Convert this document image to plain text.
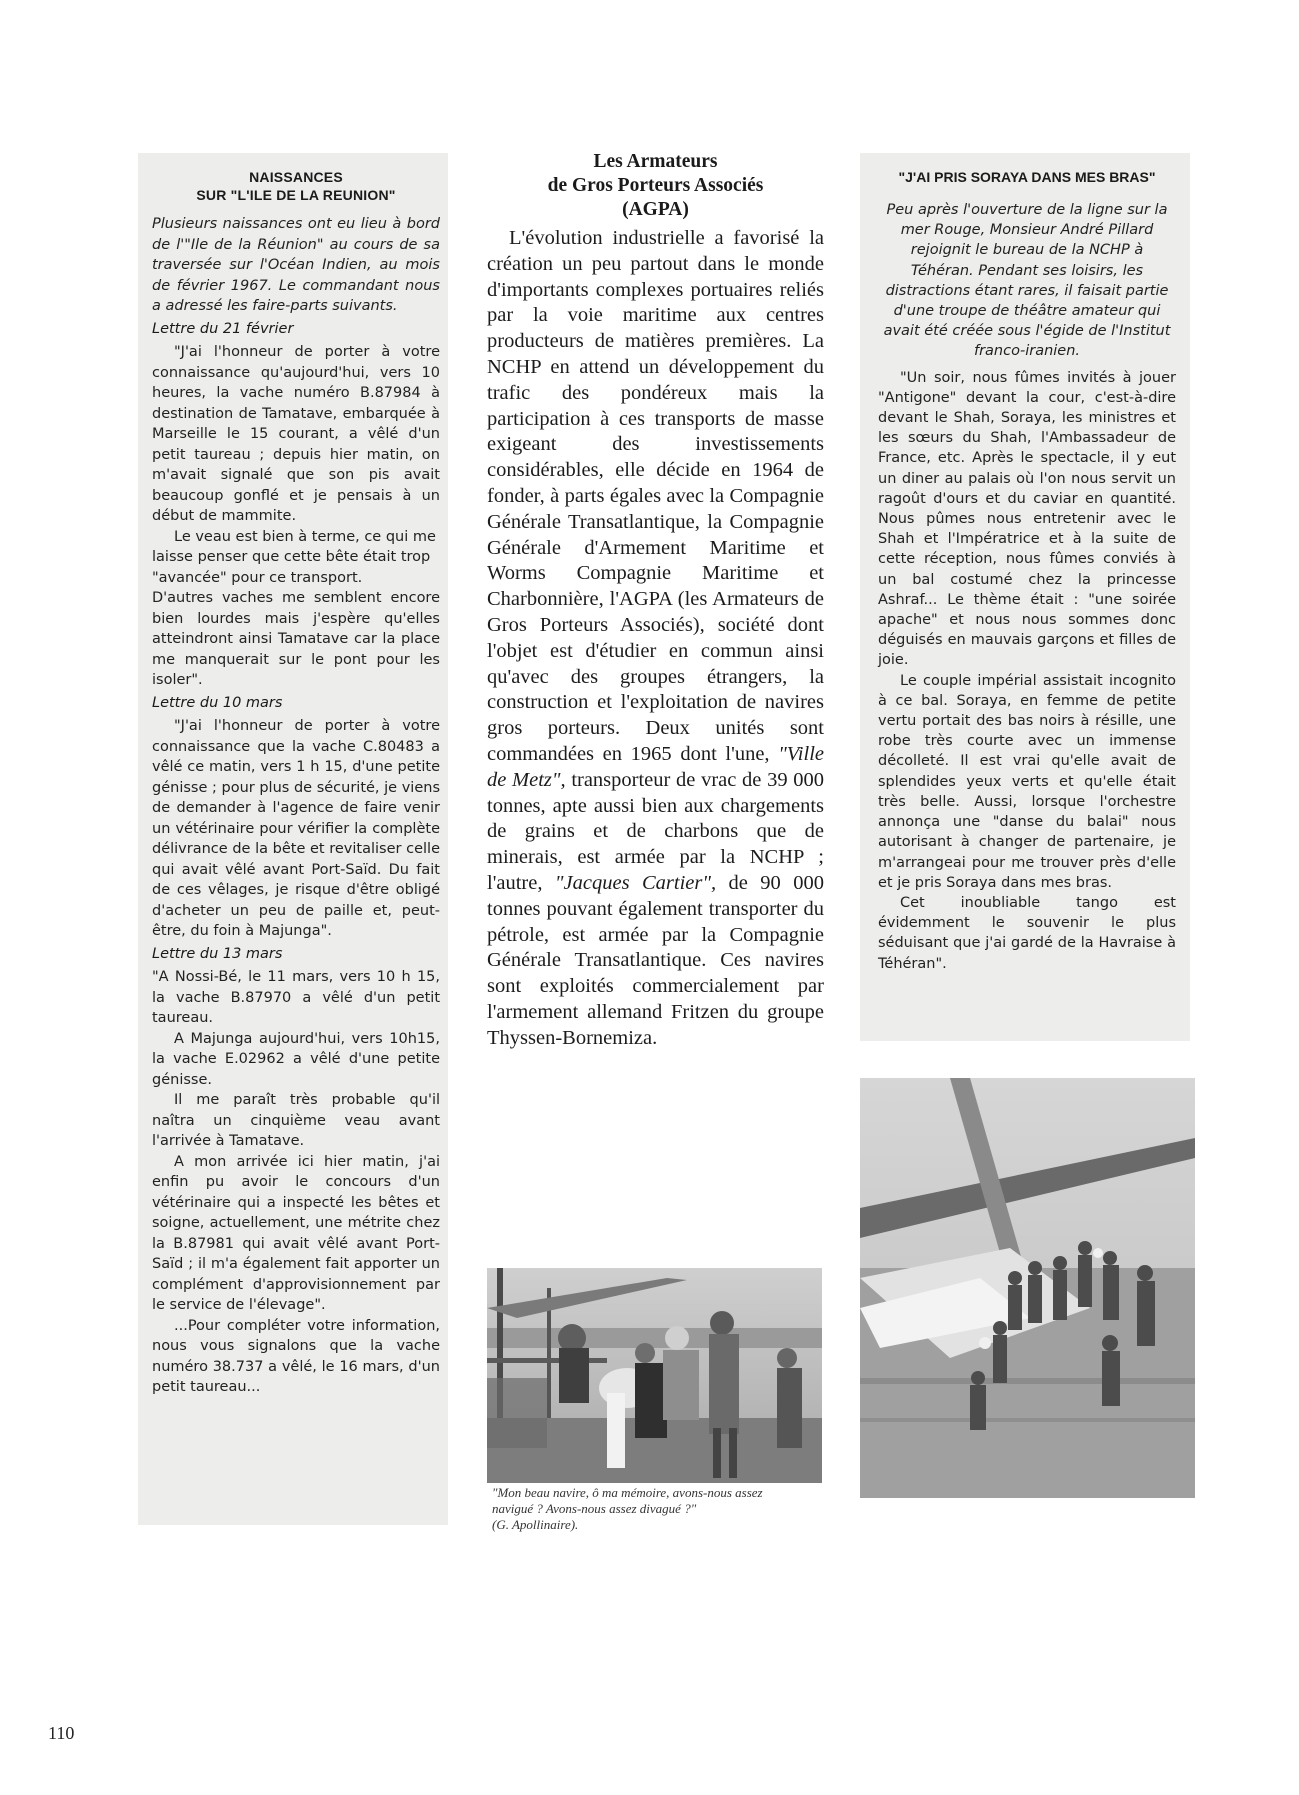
NAISSANCES
SUR "L'ILE DE LA REUNION"

Plusieurs naissances ont eu lieu à bord de l'"Ile de la Réunion" au cours de sa traversée sur l'Océan Indien, au mois de février 1967. Le commandant nous a adressé les faire-parts suivants.

Lettre du 21 février

"J'ai l'honneur de porter à votre connaissance qu'aujourd'hui, vers 10 heures, la vache numéro B.87984 à destination de Tamatave, embarquée à Marseille le 15 courant, a vêlé d'un petit taureau ; depuis hier matin, on m'avait signalé que son pis avait beaucoup gonflé et je pensais à un début de mammite.

Le veau est bien à terme, ce qui me laisse penser que cette bête était trop "avancée" pour ce transport.

D'autres vaches me semblent encore bien lourdes mais j'espère qu'elles atteindront ainsi Tamatave car la place me manquerait sur le pont pour les isoler".

Lettre du 10 mars

"J'ai l'honneur de porter à votre connaissance que la vache C.80483 a vêlé ce matin, vers 1 h 15, d'une petite génisse ; pour plus de sécurité, je viens de demander à l'agence de faire venir un vétérinaire pour vérifier la complète délivrance de la bête et revitaliser celle qui avait vêlé avant Port-Saïd. Du fait de ces vêlages, je risque d'être obligé d'acheter un peu de paille et, peut-être, du foin à Majunga".

Lettre du 13 mars

"A Nossi-Bé, le 11 mars, vers 10 h 15, la vache B.87970 a vêlé d'un petit taureau.

A Majunga aujourd'hui, vers 10h15, la vache E.02962 a vêlé d'une petite génisse.

Il me paraît très probable qu'il naîtra un cinquième veau avant l'arrivée à Tamatave.

A mon arrivée ici hier matin, j'ai enfin pu avoir le concours d'un vétérinaire qui a inspecté les bêtes et soigne, actuellement, une métrite chez la B.87981 qui avait vêlé avant Port-Saïd ; il m'a également fait apporter un complément d'approvisionnement par le service de l'élevage".

...Pour compléter votre information, nous vous signalons que la vache numéro 38.737 a vêlé, le 16 mars, d'un petit taureau...

Les Armateurs
de Gros Porteurs Associés
(AGPA)

L'évolution industrielle a favorisé la création un peu partout dans le monde d'importants complexes portuaires reliés par la voie maritime aux centres producteurs de matières premières. La NCHP en attend un développement du trafic des pondéreux mais la participation à ces transports de masse exigeant des investissements considérables, elle décide en 1964 de fonder, à parts égales avec la Compagnie Générale Transatlantique, la Compagnie Générale d'Armement Maritime et Worms Compagnie Maritime et Charbonnière, l'AGPA (les Armateurs de Gros Porteurs Associés), société dont l'objet est d'étudier en commun ainsi qu'avec des groupes étrangers, la construction et l'exploitation de navires gros porteurs. Deux unités sont commandées en 1965 dont l'une, "Ville de Metz", transporteur de vrac de 39 000 tonnes, apte aussi bien aux chargements de grains et de charbons que de minerais, est armée par la NCHP ; l'autre, "Jacques Cartier", de 90 000 tonnes pouvant également transporter du pétrole, est armée par la Compagnie Générale Transatlantique. Ces navires sont exploités commercialement par l'armement allemand Fritzen du groupe Thyssen-Bornemiza.

"Mon beau navire, ô ma mémoire, avons-nous assez
navigué ? Avons-nous assez divagué ?"
(G. Apollinaire).
"J'AI PRIS SORAYA DANS MES BRAS"

Peu après l'ouverture de la ligne sur la mer Rouge, Monsieur André Pillard rejoignit le bureau de la NCHP à Téhéran. Pendant ses loisirs, les distractions étant rares, il faisait partie d'une troupe de théâtre amateur qui avait été créée sous l'égide de l'Institut franco-iranien.

"Un soir, nous fûmes invités à jouer "Antigone" devant la cour, c'est-à-dire devant le Shah, Soraya, les ministres et les sœurs du Shah, l'Ambassadeur de France, etc. Après le spectacle, il y eut un diner au palais où l'on nous servit un ragoût d'ours et du caviar en quantité. Nous pûmes nous entretenir avec le Shah et l'Impératrice et à la suite de cette réception, nous fûmes conviés à un bal costumé chez la princesse Ashraf... Le thème était : "une soirée apache" et nous nous sommes donc déguisés en mauvais garçons et filles de joie.

Le couple impérial assistait incognito à ce bal. Soraya, en femme de petite vertu portait des bas noirs à résille, une robe très courte avec un immense décolleté. Il est vrai qu'elle avait de splendides yeux verts et qu'elle était très belle. Aussi, lorsque l'orchestre annonça une "danse du balai" nous autorisant à changer de partenaire, je m'arrangeai pour me trouver près d'elle et je pris Soraya dans mes bras.

Cet inoubliable tango est évidemment le souvenir le plus séduisant que j'ai gardé de la Havraise à Téhéran".

110
